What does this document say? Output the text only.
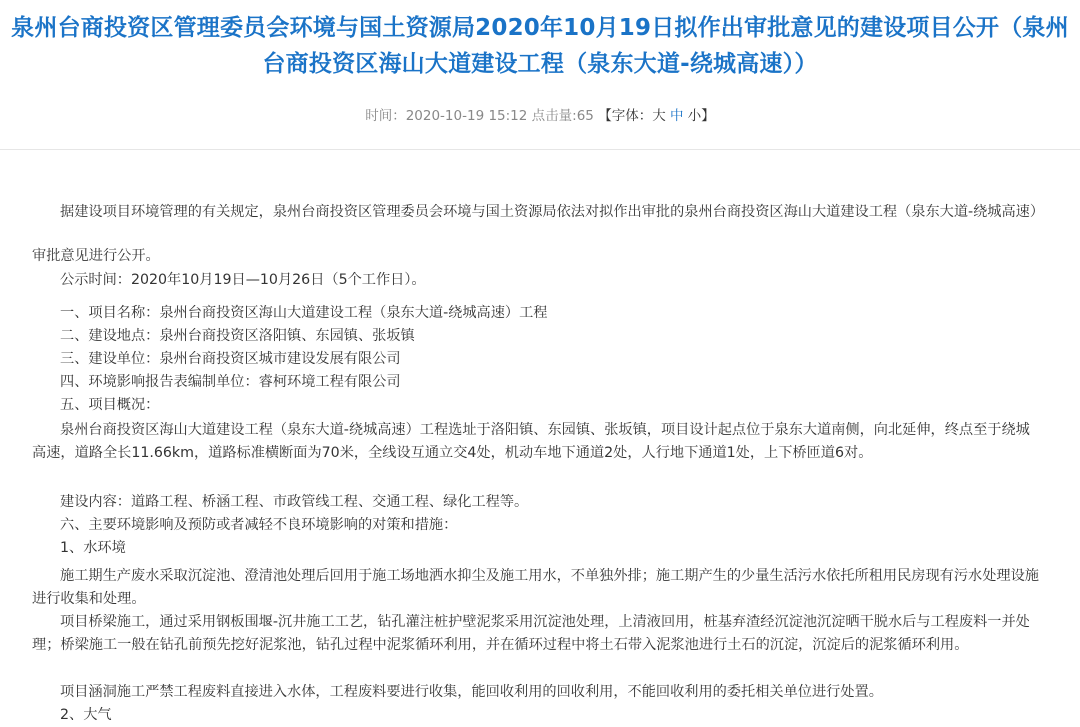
泉州台商投资区管理委员会环境与国土资源局2020年10月19日拟作出审批意见的建设项目公开（泉州台商投资区海山大道建设工程（泉东大道-绕城高速））
时间：2020-10-19 15:12 点击量:65 【字体：大 中 小】

据建设项目环境管理的有关规定，泉州台商投资区管理委员会环境与国土资源局依法对拟作出审批的泉州台商投资区海山大道建设工程（泉东大道-绕城高速）审批意见进行公开。

公示时间：2020年10月19日—10月26日（5个工作日）。

一、项目名称：泉州台商投资区海山大道建设工程（泉东大道-绕城高速）工程
二、建设地点：泉州台商投资区洛阳镇、东园镇、张坂镇
三、建设单位：泉州台商投资区城市建设发展有限公司
四、环境影响报告表编制单位：睿柯环境工程有限公司
五、项目概况：

泉州台商投资区海山大道建设工程（泉东大道-绕城高速）工程选址于洛阳镇、东园镇、张坂镇，项目设计起点位于泉东大道南侧，向北延伸，终点至于绕城高速，道路全长11.66km，道路标准横断面为70米，全线设互通立交4处，机动车地下通道2处，人行地下通道1处，上下桥匝道6对。

建设内容：道路工程、桥涵工程、市政管线工程、交通工程、绿化工程等。
六、主要环境影响及预防或者减轻不良环境影响的对策和措施：
1、水环境

施工期生产废水采取沉淀池、澄清池处理后回用于施工场地洒水抑尘及施工用水，不单独外排；施工期产生的少量生活污水依托所租用民房现有污水处理设施进行收集和处理。

项目桥梁施工，通过采用钢板围堰-沉井施工工艺，钻孔灌注桩护壁泥浆采用沉淀池处理，上清液回用，桩基弃渣经沉淀池沉淀晒干脱水后与工程废料一并处理；桥梁施工一般在钻孔前预先挖好泥浆池，钻孔过程中泥浆循环利用，并在循环过程中将土石带入泥浆池进行土石的沉淀，沉淀后的泥浆循环利用。

项目涵洞施工严禁工程废料直接进入水体，工程废料要进行收集，能回收利用的回收利用，不能回收利用的委托相关单位进行处置。

2、大气
